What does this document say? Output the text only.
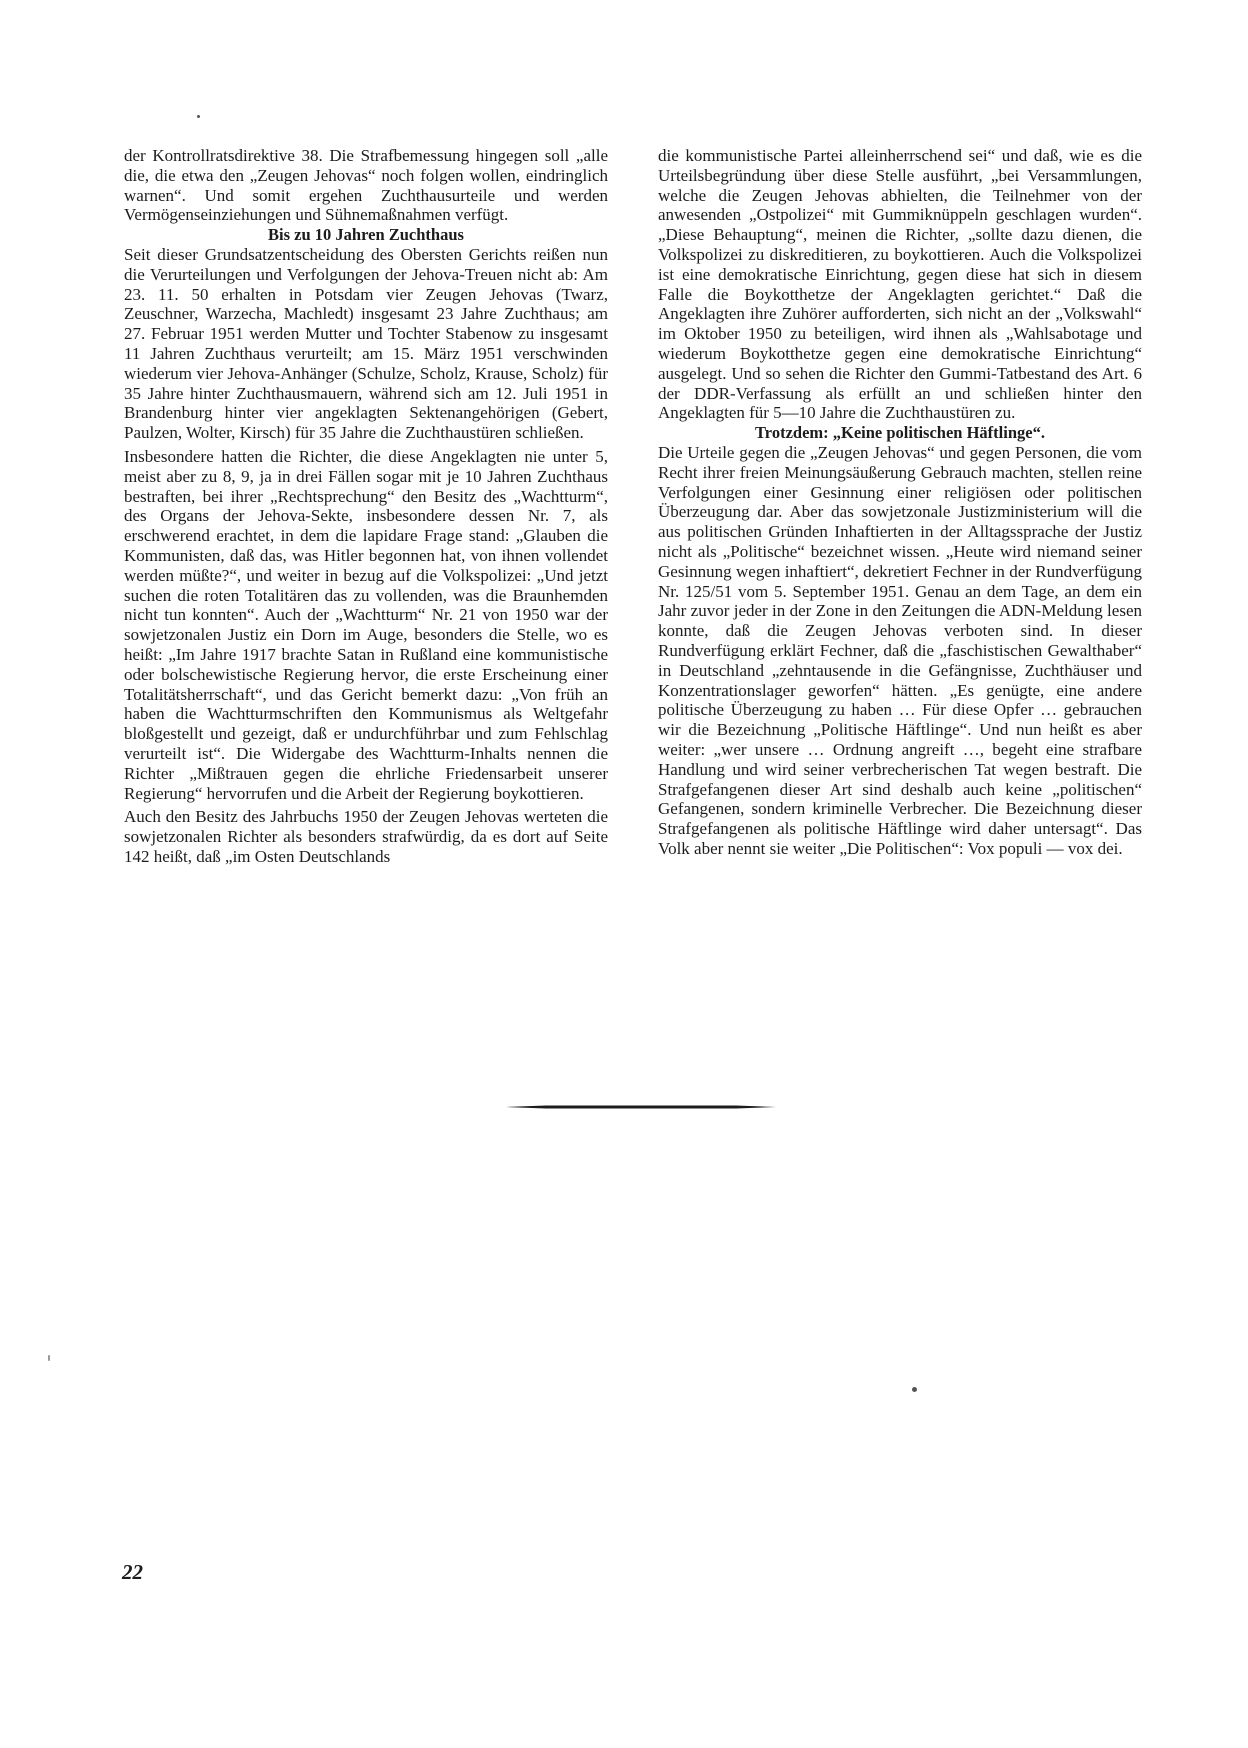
der Kontrollratsdirektive 38. Die Strafbemessung hingegen soll „alle die, die etwa den „Zeugen Jehovas“ noch folgen wollen, eindringlich warnen“. Und somit ergehen Zuchthausurteile und werden Vermögenseinziehungen und Sühnemaßnahmen verfügt.

Bis zu 10 Jahren Zuchthaus

Seit dieser Grundsatzentscheidung des Obersten Gerichts reißen nun die Verurteilungen und Verfolgungen der Jehova-Treuen nicht ab: Am 23. 11. 50 erhalten in Potsdam vier Zeugen Jehovas (Twarz, Zeuschner, Warzecha, Machledt) insgesamt 23 Jahre Zuchthaus; am 27. Februar 1951 werden Mutter und Tochter Stabenow zu insgesamt 11 Jahren Zuchthaus verurteilt; am 15. März 1951 verschwinden wiederum vier Jehova-Anhänger (Schulze, Scholz, Krause, Scholz) für 35 Jahre hinter Zuchthausmauern, während sich am 12. Juli 1951 in Brandenburg hinter vier angeklagten Sektenangehörigen (Gebert, Paulzen, Wolter, Kirsch) für 35 Jahre die Zuchthaustüren schließen.

Insbesondere hatten die Richter, die diese Angeklagten nie unter 5, meist aber zu 8, 9, ja in drei Fällen sogar mit je 10 Jahren Zuchthaus bestraften, bei ihrer „Rechtsprechung“ den Besitz des „Wachtturm“, des Organs der Jehova-Sekte, insbesondere dessen Nr. 7, als erschwerend erachtet, in dem die lapidare Frage stand: „Glauben die Kommunisten, daß das, was Hitler begonnen hat, von ihnen vollendet werden müßte?“, und weiter in bezug auf die Volkspolizei: „Und jetzt suchen die roten Totalitären das zu vollenden, was die Braunhemden nicht tun konnten“. Auch der „Wachtturm“ Nr. 21 von 1950 war der sowjetzonalen Justiz ein Dorn im Auge, besonders die Stelle, wo es heißt: „Im Jahre 1917 brachte Satan in Rußland eine kommunistische oder bolschewistische Regierung hervor, die erste Erscheinung einer Totalitätsherrschaft“, und das Gericht bemerkt dazu: „Von früh an haben die Wachtturmschriften den Kommunismus als Weltgefahr bloßgestellt und gezeigt, daß er undurchführbar und zum Fehlschlag verurteilt ist“. Die Widergabe des Wachtturm-Inhalts nennen die Richter „Mißtrauen gegen die ehrliche Friedensarbeit unserer Regierung“ hervorrufen und die Arbeit der Regierung boykottieren.

Auch den Besitz des Jahrbuchs 1950 der Zeugen Jehovas werteten die sowjetzonalen Richter als besonders strafwürdig, da es dort auf Seite 142 heißt, daß „im Osten Deutschlands

die kommunistische Partei alleinherrschend sei“ und daß, wie es die Urteilsbegründung über diese Stelle ausführt, „bei Versammlungen, welche die Zeugen Jehovas abhielten, die Teilnehmer von der anwesenden „Ostpolizei“ mit Gummiknüppeln geschlagen wurden“. „Diese Behauptung“, meinen die Richter, „sollte dazu dienen, die Volkspolizei zu diskreditieren, zu boykottieren. Auch die Volkspolizei ist eine demokratische Einrichtung, gegen diese hat sich in diesem Falle die Boykotthetze der Angeklagten gerichtet.“ Daß die Angeklagten ihre Zuhörer aufforderten, sich nicht an der „Volkswahl“ im Oktober 1950 zu beteiligen, wird ihnen als „Wahlsabotage und wiederum Boykotthetze gegen eine demokratische Einrichtung“ ausgelegt. Und so sehen die Richter den Gummi-Tatbestand des Art. 6 der DDR-Verfassung als erfüllt an und schließen hinter den Angeklagten für 5—10 Jahre die Zuchthaustüren zu.

Trotzdem: „Keine politischen Häftlinge“.

Die Urteile gegen die „Zeugen Jehovas“ und gegen Personen, die vom Recht ihrer freien Meinungsäußerung Gebrauch machten, stellen reine Verfolgungen einer Gesinnung einer religiösen oder politischen Überzeugung dar. Aber das sowjetzonale Justizministerium will die aus politischen Gründen Inhaftierten in der Alltagssprache der Justiz nicht als „Politische“ bezeichnet wissen. „Heute wird niemand seiner Gesinnung wegen inhaftiert“, dekretiert Fechner in der Rundverfügung Nr. 125/51 vom 5. September 1951. Genau an dem Tage, an dem ein Jahr zuvor jeder in der Zone in den Zeitungen die ADN-Meldung lesen konnte, daß die Zeugen Jehovas verboten sind. In dieser Rundverfügung erklärt Fechner, daß die „faschistischen Gewalthaber“ in Deutschland „zehntausende in die Gefängnisse, Zuchthäuser und Konzentrationslager geworfen“ hätten. „Es genügte, eine andere politische Überzeugung zu haben … Für diese Opfer … gebrauchen wir die Bezeichnung „Politische Häftlinge“. Und nun heißt es aber weiter: „wer unsere … Ordnung angreift …, begeht eine strafbare Handlung und wird seiner verbrecherischen Tat wegen bestraft. Die Strafgefangenen dieser Art sind deshalb auch keine „politischen“ Gefangenen, sondern kriminelle Verbrecher. Die Bezeichnung dieser Strafgefangenen als politische Häftlinge wird daher untersagt“. Das Volk aber nennt sie weiter „Die Politischen“: Vox populi — vox dei.

22
